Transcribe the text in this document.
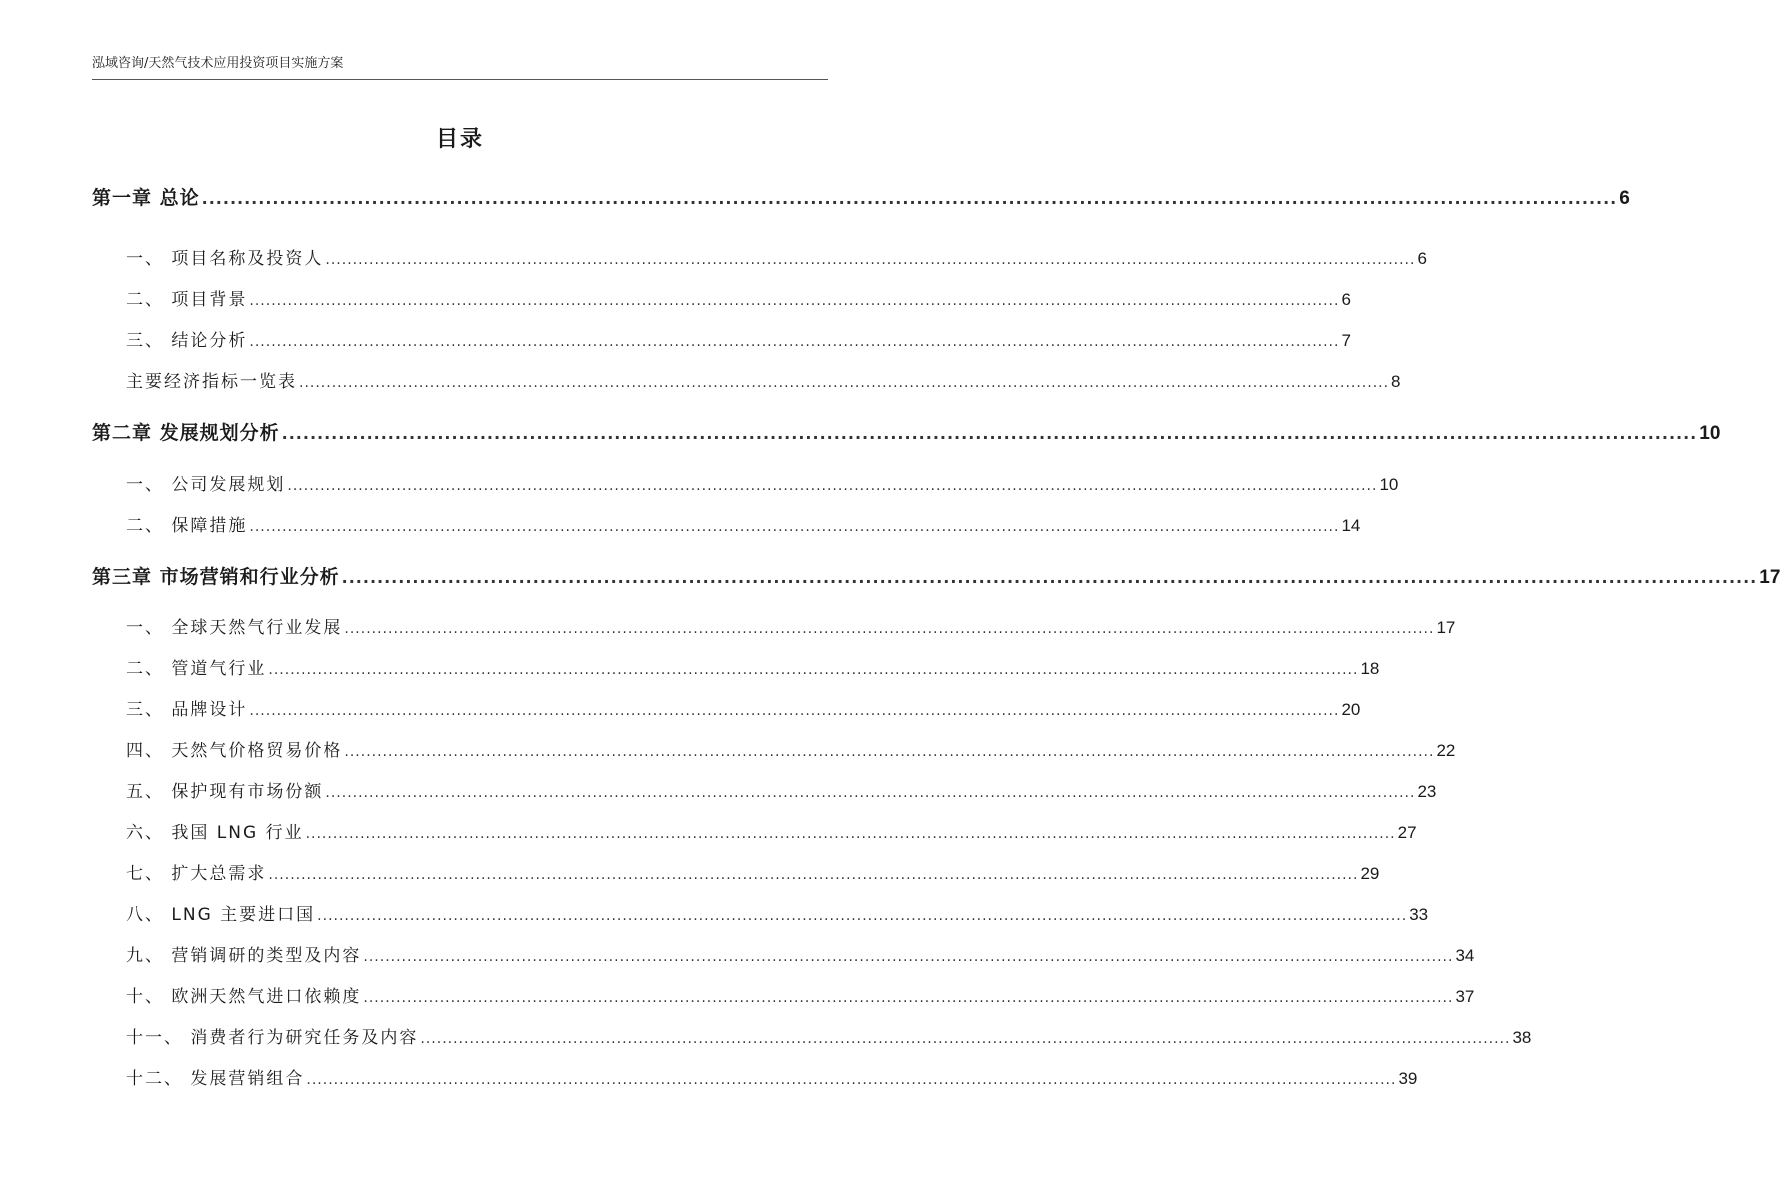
泓域咨询/天然气技术应用投资项目实施方案
目录
第一章 总论 ........................................................................................................................................................................................................ 6
一、 项目名称及投资人 ........................................................................................................................................................................................................ 6
二、 项目背景 ........................................................................................................................................................................................................ 6
三、 结论分析 ........................................................................................................................................................................................................ 7
主要经济指标一览表 ........................................................................................................................................................................................................ 8
第二章 发展规划分析 ........................................................................................................................................................................................................ 10
一、 公司发展规划 ........................................................................................................................................................................................................ 10
二、 保障措施 ........................................................................................................................................................................................................ 14
第三章 市场营销和行业分析 ........................................................................................................................................................................................................ 17
一、 全球天然气行业发展 ........................................................................................................................................................................................................ 17
二、 管道气行业 ........................................................................................................................................................................................................ 18
三、 品牌设计 ........................................................................................................................................................................................................ 20
四、 天然气价格贸易价格 ........................................................................................................................................................................................................ 22
五、 保护现有市场份额 ........................................................................................................................................................................................................ 23
六、 我国 LNG 行业 ........................................................................................................................................................................................................ 27
七、 扩大总需求 ........................................................................................................................................................................................................ 29
八、 LNG 主要进口国 ........................................................................................................................................................................................................ 33
九、 营销调研的类型及内容 ........................................................................................................................................................................................................ 34
十、 欧洲天然气进口依赖度 ........................................................................................................................................................................................................ 37
十一、 消费者行为研究任务及内容 ........................................................................................................................................................................................................ 38
十二、 发展营销组合 ........................................................................................................................................................................................................ 39
